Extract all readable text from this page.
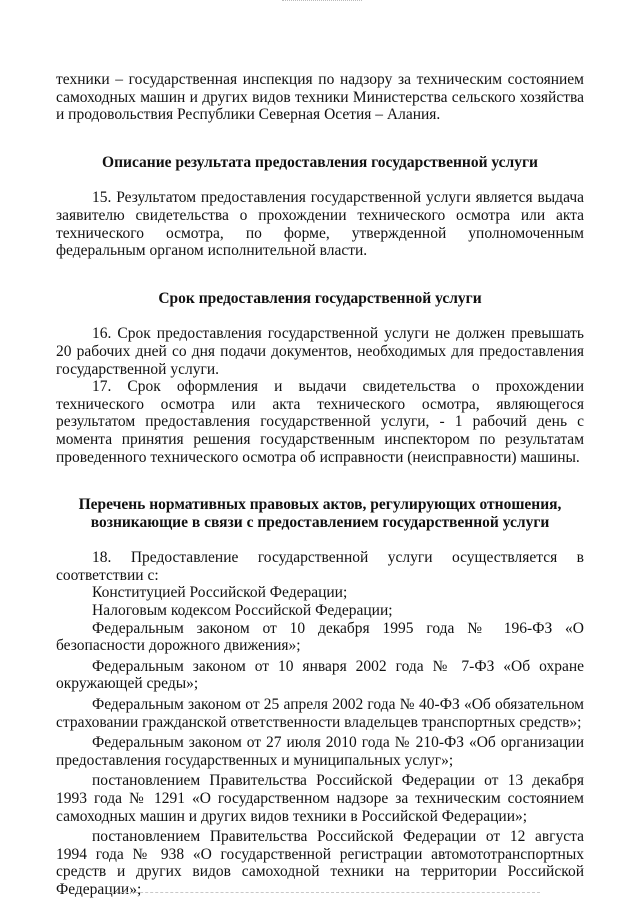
техники – государственная инспекция по надзору за техническим состоянием самоходных машин и других видов техники Министерства сельского хозяйства и продовольствия Республики Северная Осетия – Алания.

Описание результата предоставления государственной услуги

15. Результатом предоставления государственной услуги является выдача заявителю свидетельства о прохождении технического осмотра или акта технического осмотра, по форме, утвержденной уполномоченным федеральным органом исполнительной власти.

Срок предоставления государственной услуги

16. Срок предоставления государственной услуги не должен превышать 20 рабочих дней со дня подачи документов, необходимых для предоставления государственной услуги.

17. Срок оформления и выдачи свидетельства о прохождении технического осмотра или акта технического осмотра, являющегося результатом предоставления государственной услуги, - 1 рабочий день с момента принятия решения государственным инспектором по результатам проведенного технического осмотра об исправности (неисправности) машины.

Перечень нормативных правовых актов, регулирующих отношения,
возникающие в связи с предоставлением государственной услуги

18. Предоставление государственной услуги осуществляется в соответствии с:

Конституцией Российской Федерации;

Налоговым кодексом Российской Федерации;

Федеральным законом от 10 декабря 1995 года № 196-ФЗ «О безопасности дорожного движения»;

Федеральным законом от 10 января 2002 года № 7-ФЗ «Об охране окружающей среды»;

Федеральным законом от 25 апреля 2002 года № 40-ФЗ «Об обязательном страховании гражданской ответственности владельцев транспортных средств»;

Федеральным законом от 27 июля 2010 года № 210-ФЗ «Об организации предоставления государственных и муниципальных услуг»;

постановлением Правительства Российской Федерации от 13 декабря 1993 года № 1291 «О государственном надзоре за техническим состоянием самоходных машин и других видов техники в Российской Федерации»;

постановлением Правительства Российской Федерации от 12 августа 1994 года № 938 «О государственной регистрации автомототранспортных средств и других видов самоходной техники на территории Российской Федерации»;
